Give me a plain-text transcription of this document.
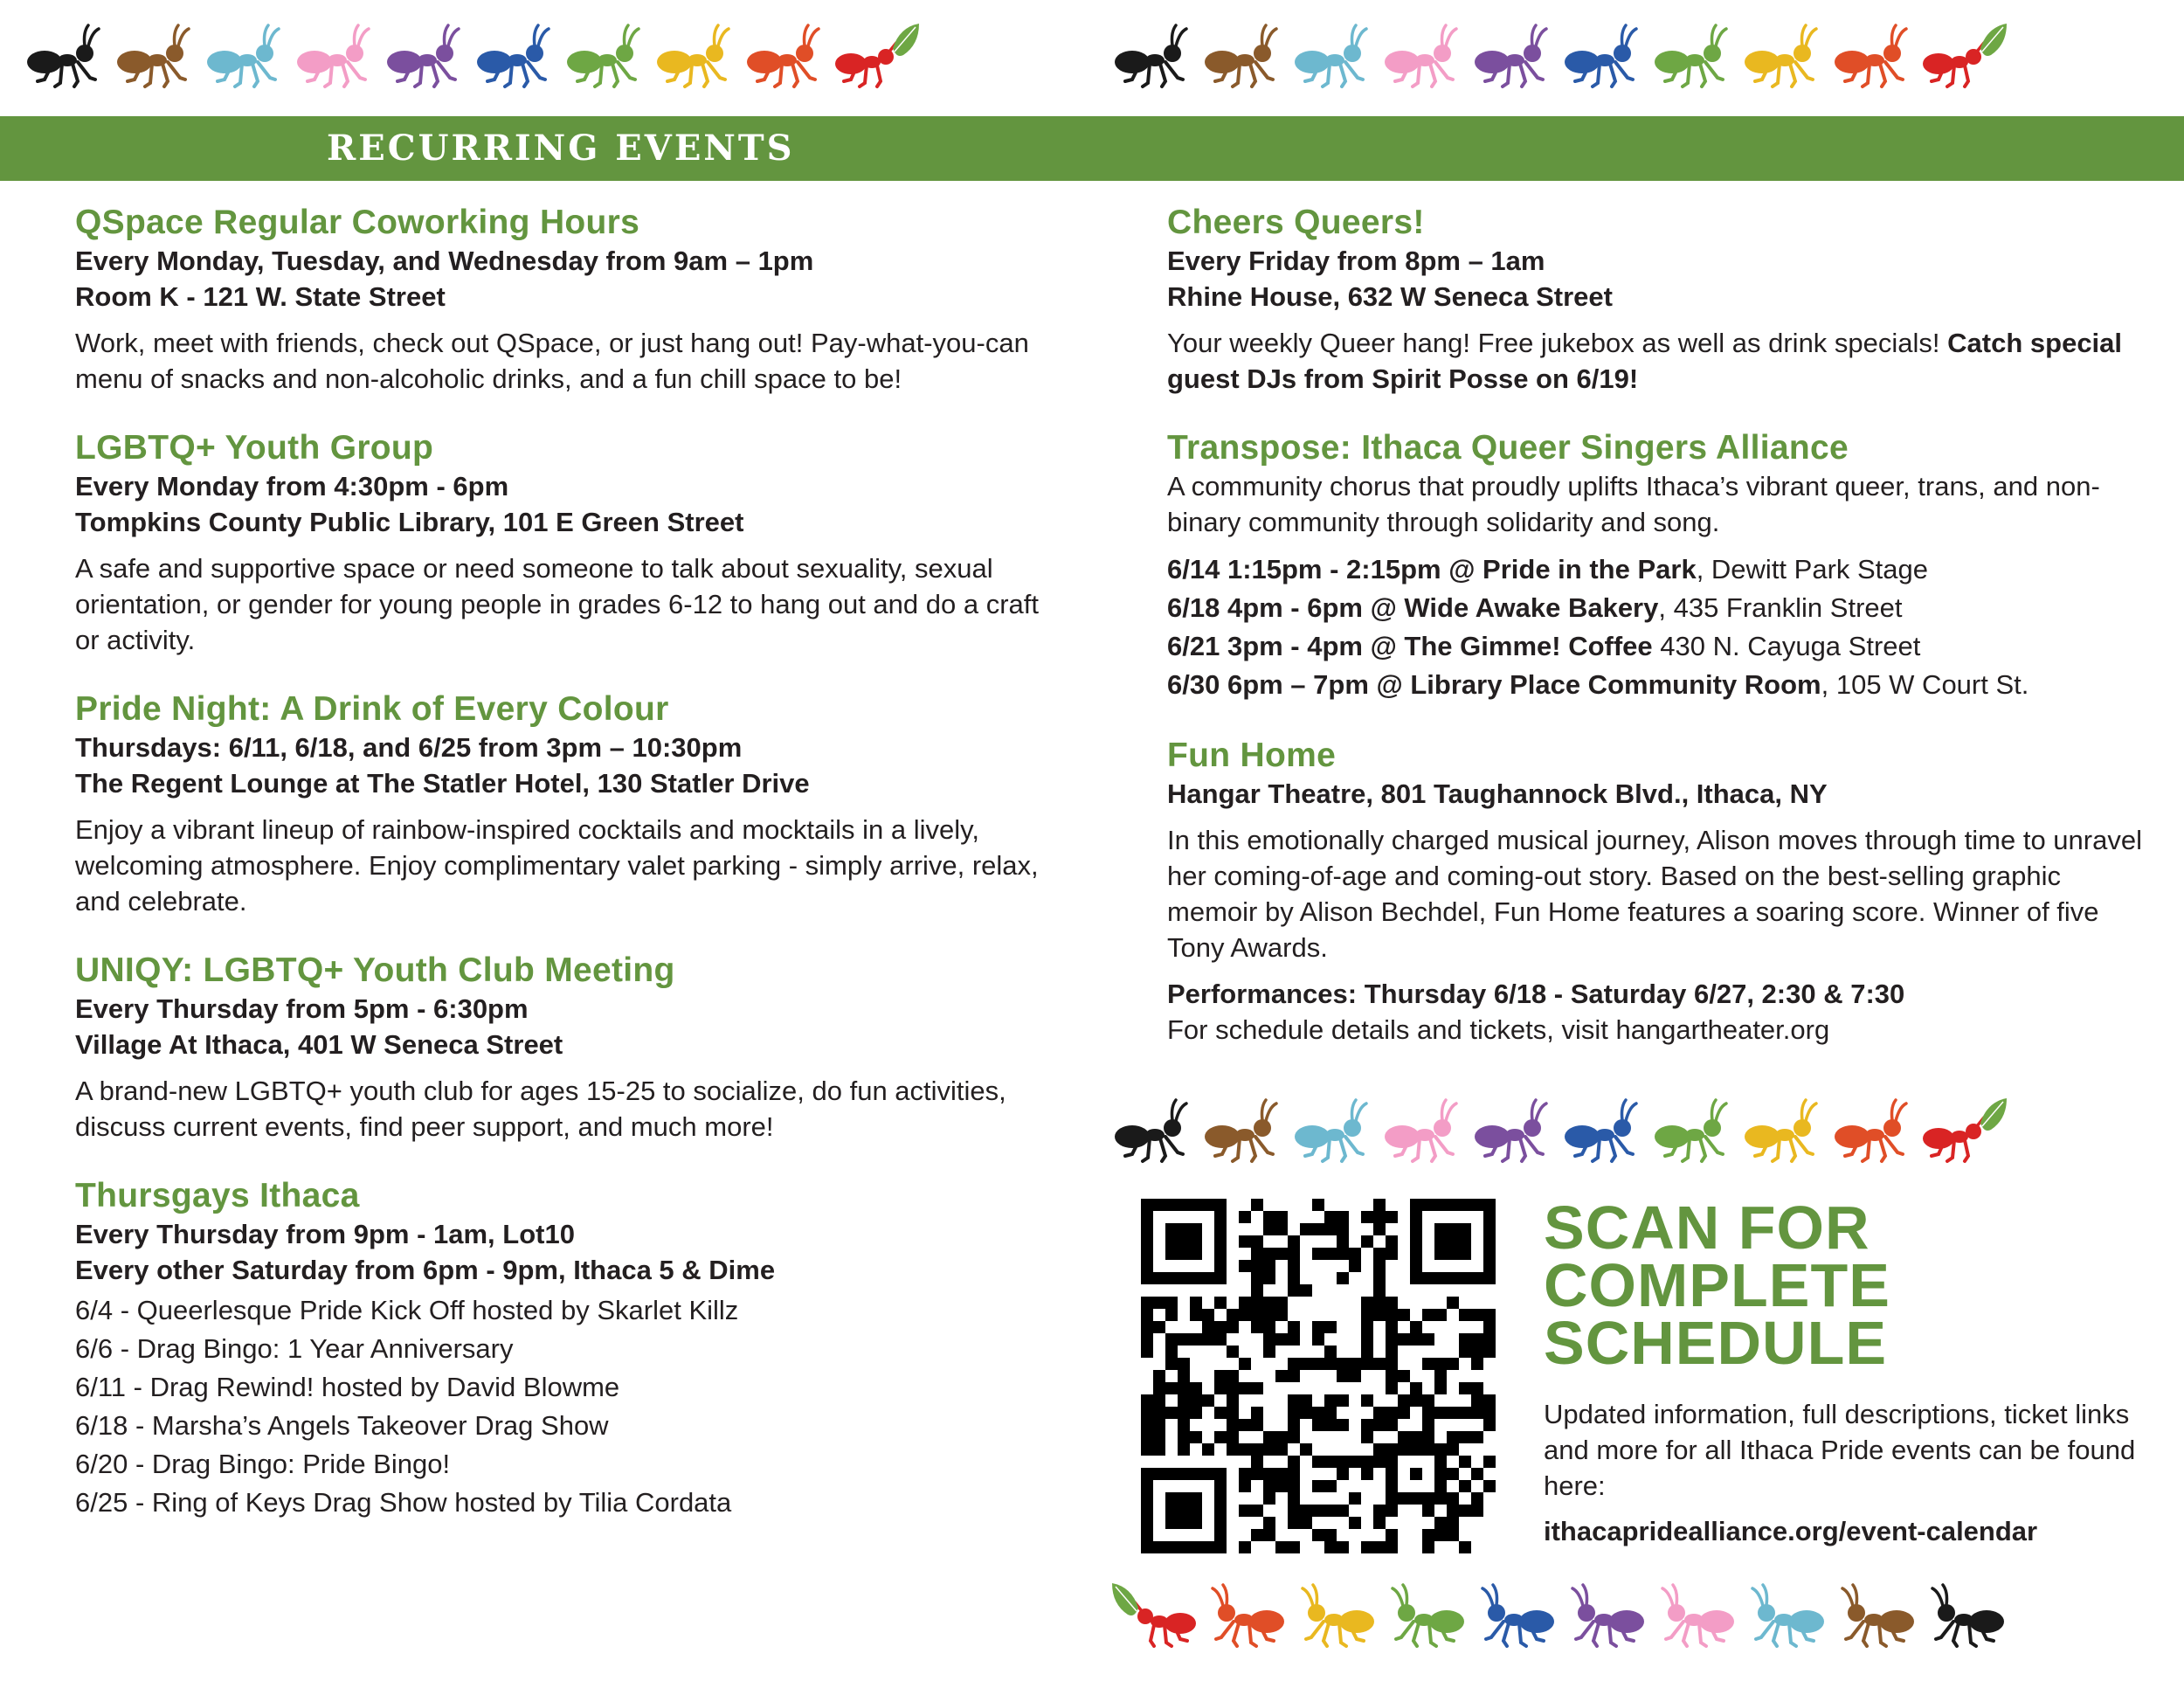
RECURRING EVENTS

QSpace Regular Coworking Hours

Every Monday, Tuesday, and Wednesday from 9am – 1pm

Room K - 121 W. State Street

Work, meet with friends, check out QSpace, or just hang out! Pay-what-you-can menu of snacks and non-alcoholic drinks, and a fun chill space to be!

LGBTQ+ Youth Group

Every Monday from 4:30pm - 6pm

Tompkins County Public Library, 101 E Green Street

A safe and supportive space or need someone to talk about sexuality, sexual orientation, or gender for young people in grades 6-12 to hang out and do a craft or activity.

Pride Night: A Drink of Every Colour

Thursdays: 6/11, 6/18, and 6/25 from 3pm – 10:30pm

The Regent Lounge at The Statler Hotel, 130 Statler Drive

Enjoy a vibrant lineup of rainbow-inspired cocktails and mocktails in a lively, welcoming atmosphere. Enjoy complimentary valet parking - simply arrive, relax, and celebrate.

UNIQY: LGBTQ+ Youth Club Meeting

Every Thursday from 5pm - 6:30pm

Village At Ithaca, 401 W Seneca Street

A brand-new LGBTQ+ youth club for ages 15-25 to socialize, do fun activities, discuss current events, find peer support, and much more!

Thursgays Ithaca

Every Thursday from 9pm - 1am, Lot10

Every other Saturday from 6pm - 9pm, Ithaca 5 & Dime

6/4 - Queerlesque Pride Kick Off hosted by Skarlet Killz
6/6 - Drag Bingo: 1 Year Anniversary
6/11 - Drag Rewind! hosted by David Blowme
6/18 - Marsha’s Angels Takeover Drag Show
6/20 - Drag Bingo: Pride Bingo!
6/25 - Ring of Keys Drag Show hosted by Tilia Cordata

Cheers Queers!

Every Friday from 8pm – 1am

Rhine House, 632 W Seneca Street

Your weekly Queer hang! Free jukebox as well as drink specials! Catch special guest DJs from Spirit Posse on 6/19!

Transpose: Ithaca Queer Singers Alliance

A community chorus that proudly uplifts Ithaca’s vibrant queer, trans, and non-binary community through solidarity and song.

6/14 1:15pm - 2:15pm @ Pride in the Park, Dewitt Park Stage
6/18 4pm - 6pm @ Wide Awake Bakery, 435 Franklin Street
6/21 3pm - 4pm @ The Gimme! Coffee 430 N. Cayuga Street
6/30 6pm – 7pm @ Library Place Community Room, 105 W Court St.

Fun Home

Hangar Theatre, 801 Taughannock Blvd., Ithaca, NY

In this emotionally charged musical journey, Alison moves through time to unravel her coming-of-age and coming-out story. Based on the best-selling graphic memoir by Alison Bechdel, Fun Home features a soaring score. Winner of five Tony Awards.

Performances: Thursday 6/18 - Saturday 6/27, 2:30 & 7:30

For schedule details and tickets, visit hangartheater.org

SCAN FOR
COMPLETE
SCHEDULE

Updated information, full descriptions, ticket links and more for all Ithaca Pride events can be found here:

ithacapridealliance.org/event-calendar
